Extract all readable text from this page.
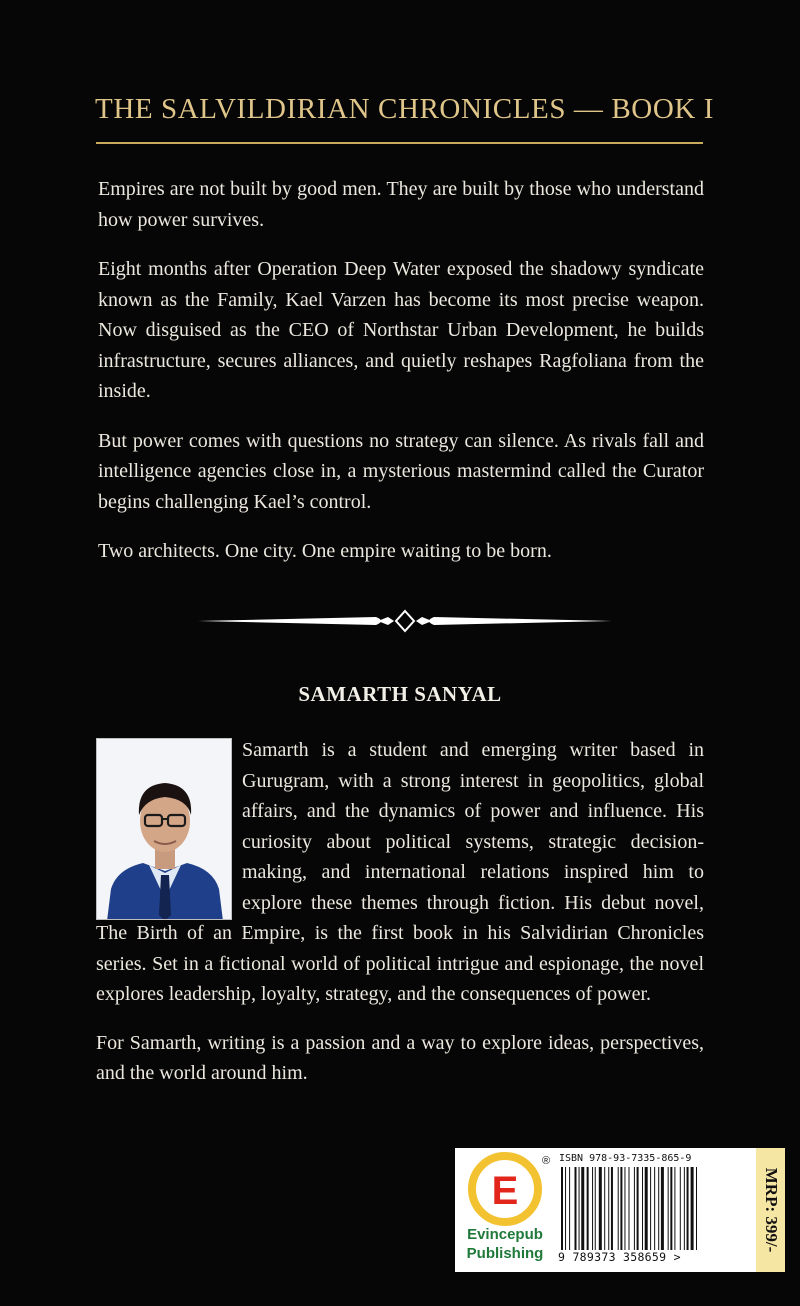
THE SALVILDIRIAN CHRONICLES — BOOK I

Empires are not built by good men. They are built by those who understand how power survives.

Eight months after Operation Deep Water exposed the shadowy syndicate known as the Family, Kael Varzen has become its most precise weapon. Now disguised as the CEO of Northstar Urban Development, he builds infrastructure, secures alliances, and quietly reshapes Ragfoliana from the inside.

But power comes with questions no strategy can silence. As rivals fall and intelligence agencies close in, a mysterious mastermind called the Curator begins challenging Kael’s control.

Two architects. One city. One empire waiting to be born.

SAMARTH SANYAL

Samarth is a student and emerging writer based in Gurugram, with a strong interest in geopolitics, global affairs, and the dynamics of power and influence. His curiosity about political systems, strategic decision-making, and international relations inspired him to explore these themes through fiction. His debut novel, The Birth of an Empire, is the first book in his Salvidirian Chronicles series. Set in a fictional world of political intrigue and espionage, the novel explores leadership, loyalty, strategy, and the consequences of power.

For Samarth, writing is a passion and a way to explore ideas, perspectives, and the world around him.

E
®
Evincepub
Publishing
ISBN 978-93-7335-865-9
9 789373 358659 >
MRP: 399/-
